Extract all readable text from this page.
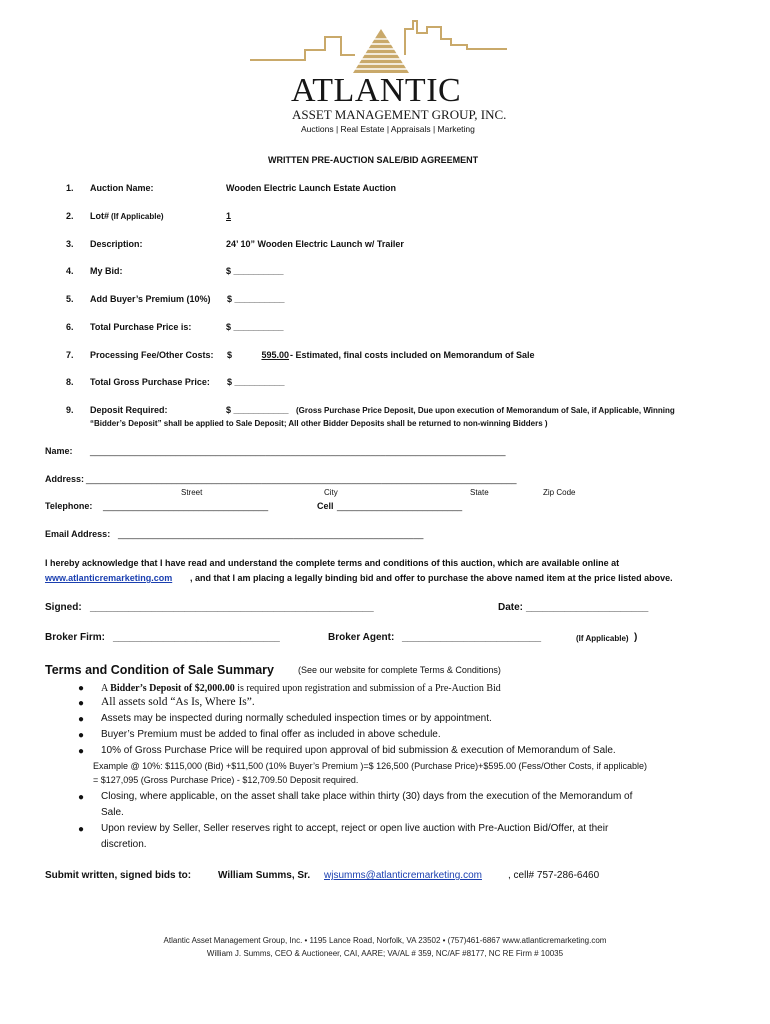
ATLANTIC
ASSET MANAGEMENT GROUP, INC.
Auctions | Real Estate | Appraisals | Marketing
WRITTEN PRE-AUCTION SALE/BID AGREEMENT
1. Auction Name:	Wooden Electric Launch Estate Auction
2. Lot# (If Applicable)	1
3. Description:	24’ 10” Wooden Electric Launch w/ Trailer
4. My Bid:	$ __________
5. Add Buyer’s Premium (10%) $ __________
6. Total Purchase Price is:	$ __________
7. Processing Fee/Other Costs: $	595.00 - Estimated, final costs included on Memorandum of Sale
8. Total Gross Purchase Price: $ __________
9. Deposit Required:	$ ___________ (Gross Purchase Price Deposit, Due upon execution of Memorandum of Sale, if Applicable, Winning
“Bidder’s Deposit” shall be applied to Sale Deposit; All other Bidder Deposits shall be returned to non-winning Bidders )
Name: ___________________________________________________________________________________
Address: ______________________________________________________________________________________
Street	City	State	Zip Code
Telephone: _________________________________	Cell _________________________
Email Address: _____________________________________________________________
I hereby acknowledge that I have read and understand the complete terms and conditions of this auction, which are available online at
www.atlanticremarketing.com , and that I am placing a legally binding bid and offer to purchase the above named item at the price listed above.
Signed: ___________________________________________________	Date: ______________________
Broker Firm: ______________________________	Broker Agent: _________________________	(If Applicable) )
Terms and Condition of Sale Summary	(See our website for complete Terms & Conditions)
● A Bidder’s Deposit of $2,000.00 is required upon registration and submission of a Pre-Auction Bid
● All assets sold “As Is, Where Is”.
● Assets may be inspected during normally scheduled inspection times or by appointment.
● Buyer’s Premium must be added to final offer as included in above schedule.
● 10% of Gross Purchase Price will be required upon approval of bid submission & execution of Memorandum of Sale.
Example @ 10%: $115,000 (Bid) +$11,500 (10% Buyer’s Premium )=$ 126,500 (Purchase Price)+$595.00 (Fess/Other Costs, if applicable)
= $127,095 (Gross Purchase Price) - $12,709.50 Deposit required.
● Closing, where applicable, on the asset shall take place within thirty (30) days from the execution of the Memorandum of
Sale.
● Upon review by Seller, Seller reserves right to accept, reject or open live auction with Pre-Auction Bid/Offer, at their
discretion.
Submit written, signed bids to:	William Summs, Sr. wjsumms@atlanticremarketing.com	, cell# 757-286-6460
Atlantic Asset Management Group, Inc. • 1195 Lance Road, Norfolk, VA 23502 • (757)461-6867 www.atlanticremarketing.com
William J. Summs, CEO & Auctioneer, CAI, AARE; VA/AL # 359, NC/AF #8177, NC RE Firm # 10035
